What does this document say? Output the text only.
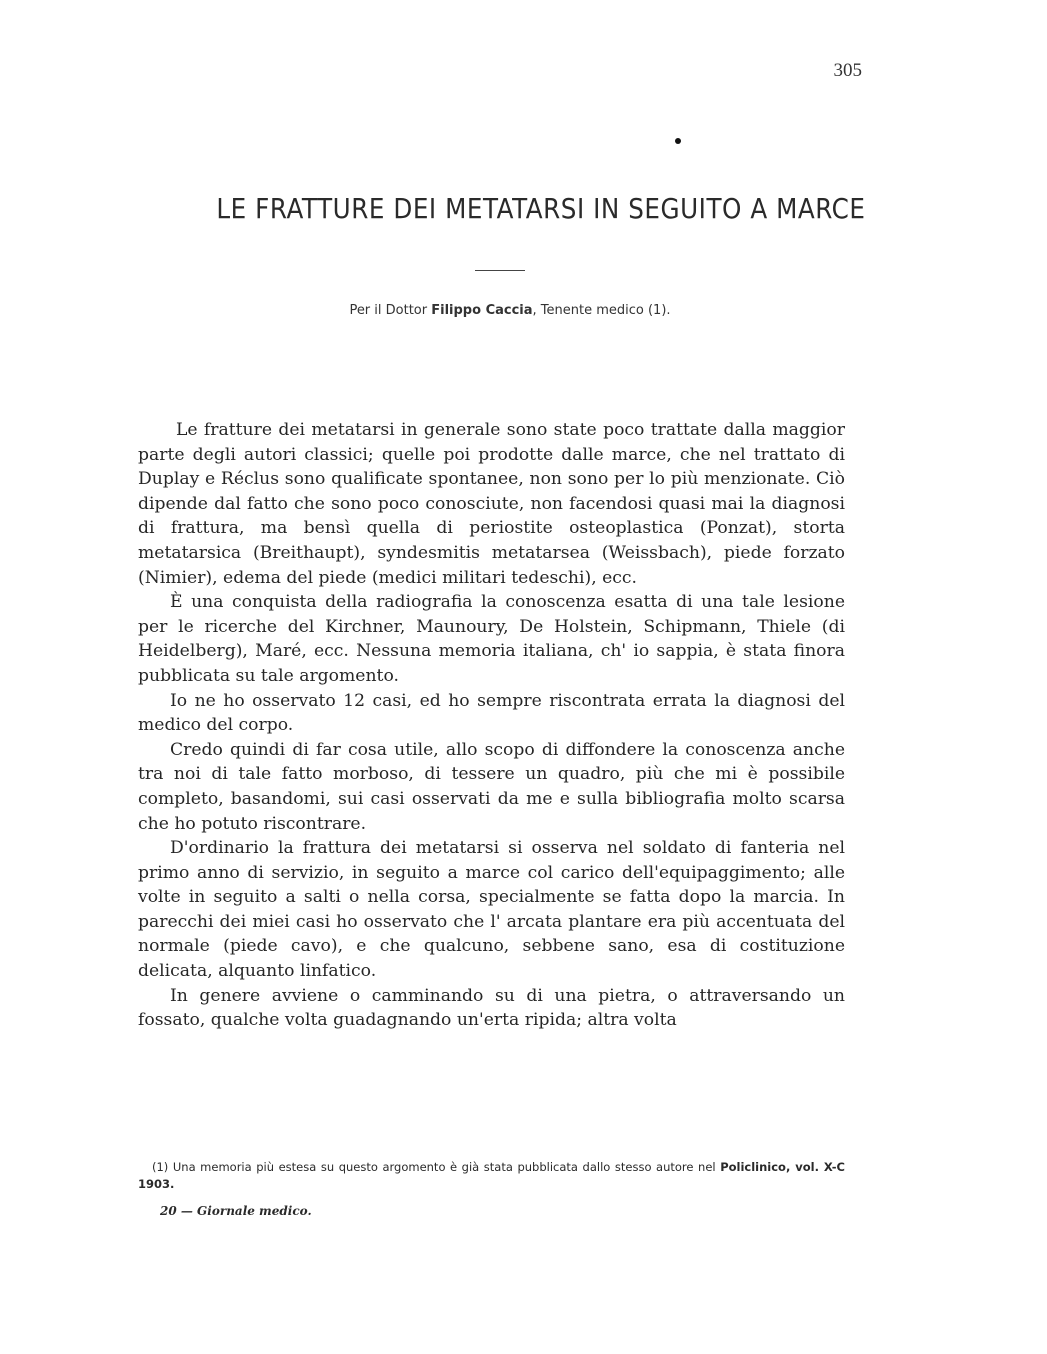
305
LE FRATTURE DEI METATARSI IN SEGUITO A MARCE
Per il Dottor Filippo Caccia, Tenente medico (1).

Le fratture dei metatarsi in generale sono state poco trattate dalla maggior parte degli autori classici; quelle poi prodotte dalle marce, che nel trattato di Duplay e Réclus sono qualificate spontanee, non sono per lo più menzionate. Ciò dipende dal fatto che sono poco conosciute, non facendosi quasi mai la diagnosi di frattura, ma bensì quella di periostite osteoplastica (Ponzat), storta metatarsica (Breithaupt), syndesmitis metatarsea (Weissbach), piede forzato (Nimier), edema del piede (medici militari tedeschi), ecc.

È una conquista della radiografia la conoscenza esatta di una tale lesione per le ricerche del Kirchner, Maunoury, De Holstein, Schipmann, Thiele (di Heidelberg), Maré, ecc. Nessuna memoria italiana, ch' io sappia, è stata finora pubblicata su tale argomento.

Io ne ho osservato 12 casi, ed ho sempre riscontrata errata la diagnosi del medico del corpo.

Credo quindi di far cosa utile, allo scopo di diffondere la conoscenza anche tra noi di tale fatto morboso, di tessere un quadro, più che mi è possibile completo, basandomi, sui casi osservati da me e sulla bibliografia molto scarsa che ho potuto riscontrare.

D'ordinario la frattura dei metatarsi si osserva nel soldato di fanteria nel primo anno di servizio, in seguito a marce col carico dell'equipaggimento; alle volte in seguito a salti o nella corsa, specialmente se fatta dopo la marcia. In parecchi dei miei casi ho osservato che l' arcata plantare era più accentuata del normale (piede cavo), e che qualcuno, sebbene sano, esa di costituzione delicata, alquanto linfatico.

In genere avviene o camminando su di una pietra, o attraversando un fossato, qualche volta guadagnando un'erta ripida; altra volta

(1) Una memoria più estesa su questo argomento è già stata pubblicata dallo stesso autore nel Policlinico, vol. X-C 1903.
20 — Giornale medico.
